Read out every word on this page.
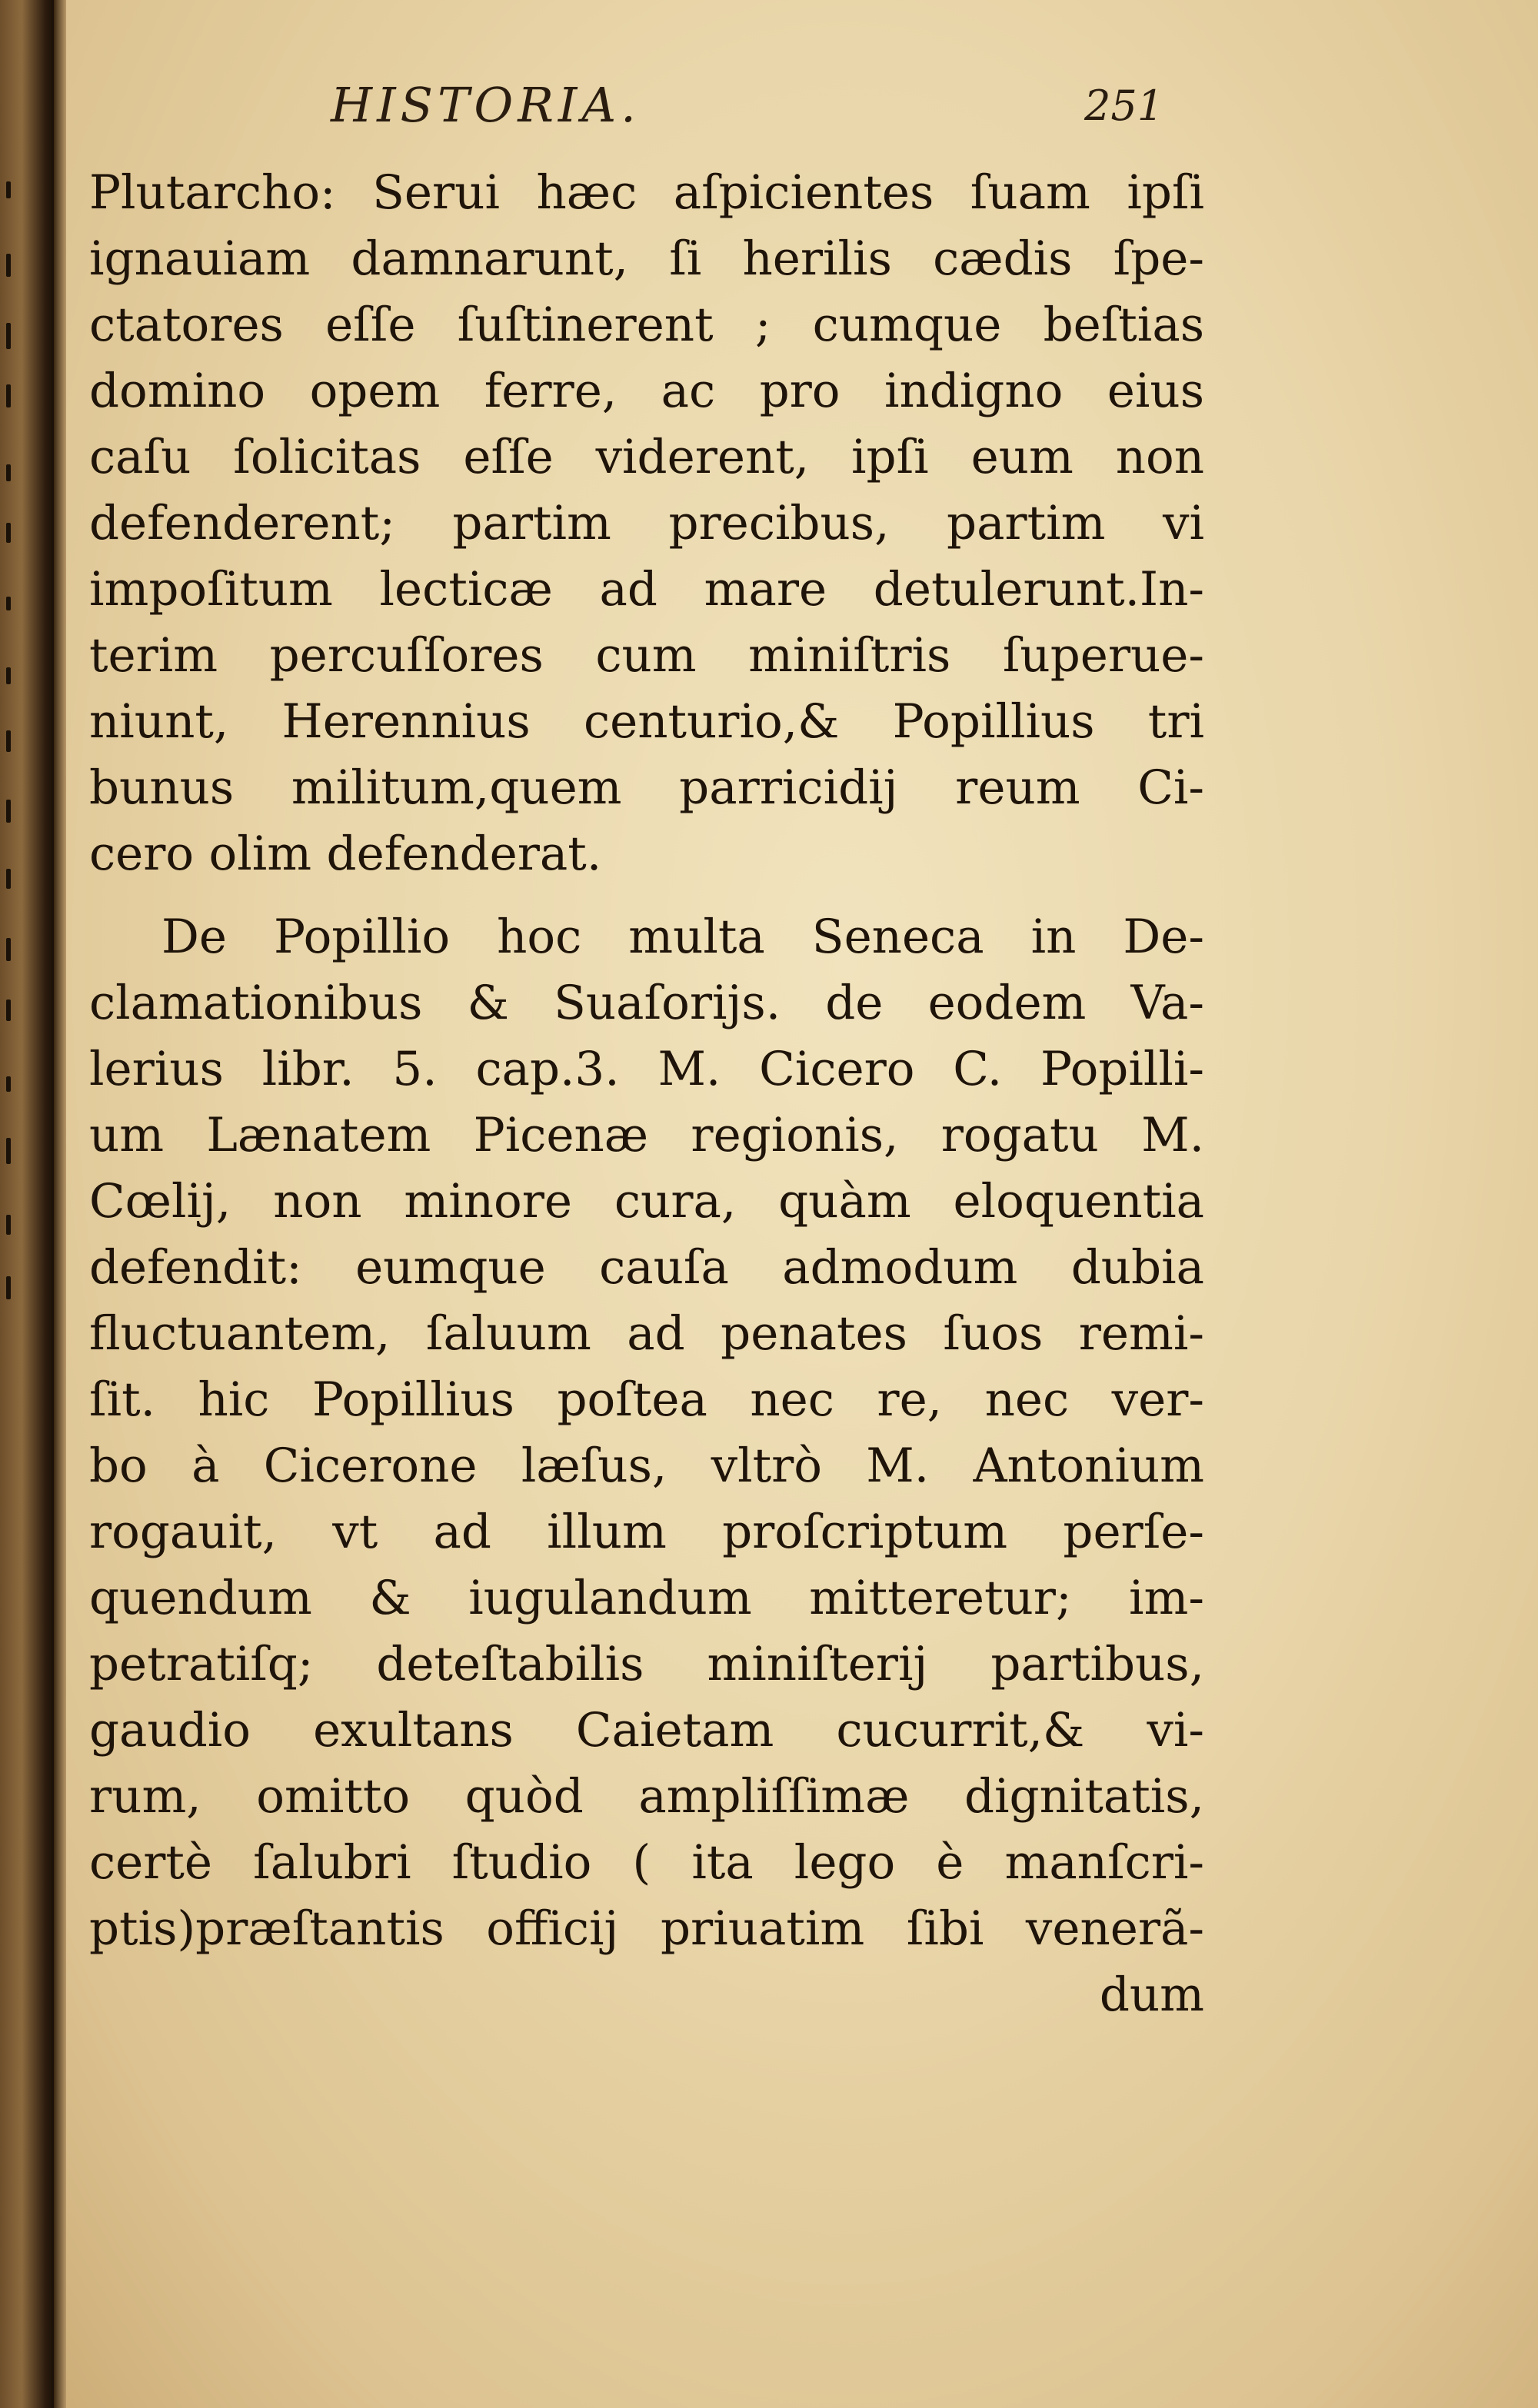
HISTORIA.	251
Plutarcho: Serui hæc aſpicientes ſuam ipſi
ignauiam damnarunt, ſi herilis cædis ſpe-
ctatores eſſe ſuſtinerent ; cumque beſtias
domino opem ferre, ac pro indigno eius
caſu ſolicitas eſſe viderent, ipſi eum non
defenderent; partim precibus, partim vi
impoſitum lecticæ ad mare detulerunt.In-
terim percuſſores cum miniſtris ſuperue-
niunt, Herennius centurio,& Popillius tri
bunus militum,quem parricidij reum Ci-
cero olim defenderat.
De Popillio hoc multa Seneca in De-
clamationibus & Suaſorijs. de eodem Va-
lerius libr. 5. cap.3. M. Cicero C. Popilli-
um Lænatem Picenæ regionis, rogatu M.
Cœlij, non minore cura, quàm eloquentia
defendit: eumque cauſa admodum dubia
fluctuantem, ſaluum ad penates ſuos remi-
ſit. hic Popillius poſtea nec re, nec ver-
bo à Cicerone læſus, vltrò M. Antonium
rogauit, vt ad illum proſcriptum perſe-
quendum & iugulandum mitteretur; im-
petratiſq; deteſtabilis miniſterij partibus,
gaudio exultans Caietam cucurrit,& vi-
rum, omitto quòd ampliſſimæ dignitatis,
certè ſalubri ſtudio ( ita lego è manſcri-
ptis)præſtantis officij priuatim ſibi venerã-
dum
